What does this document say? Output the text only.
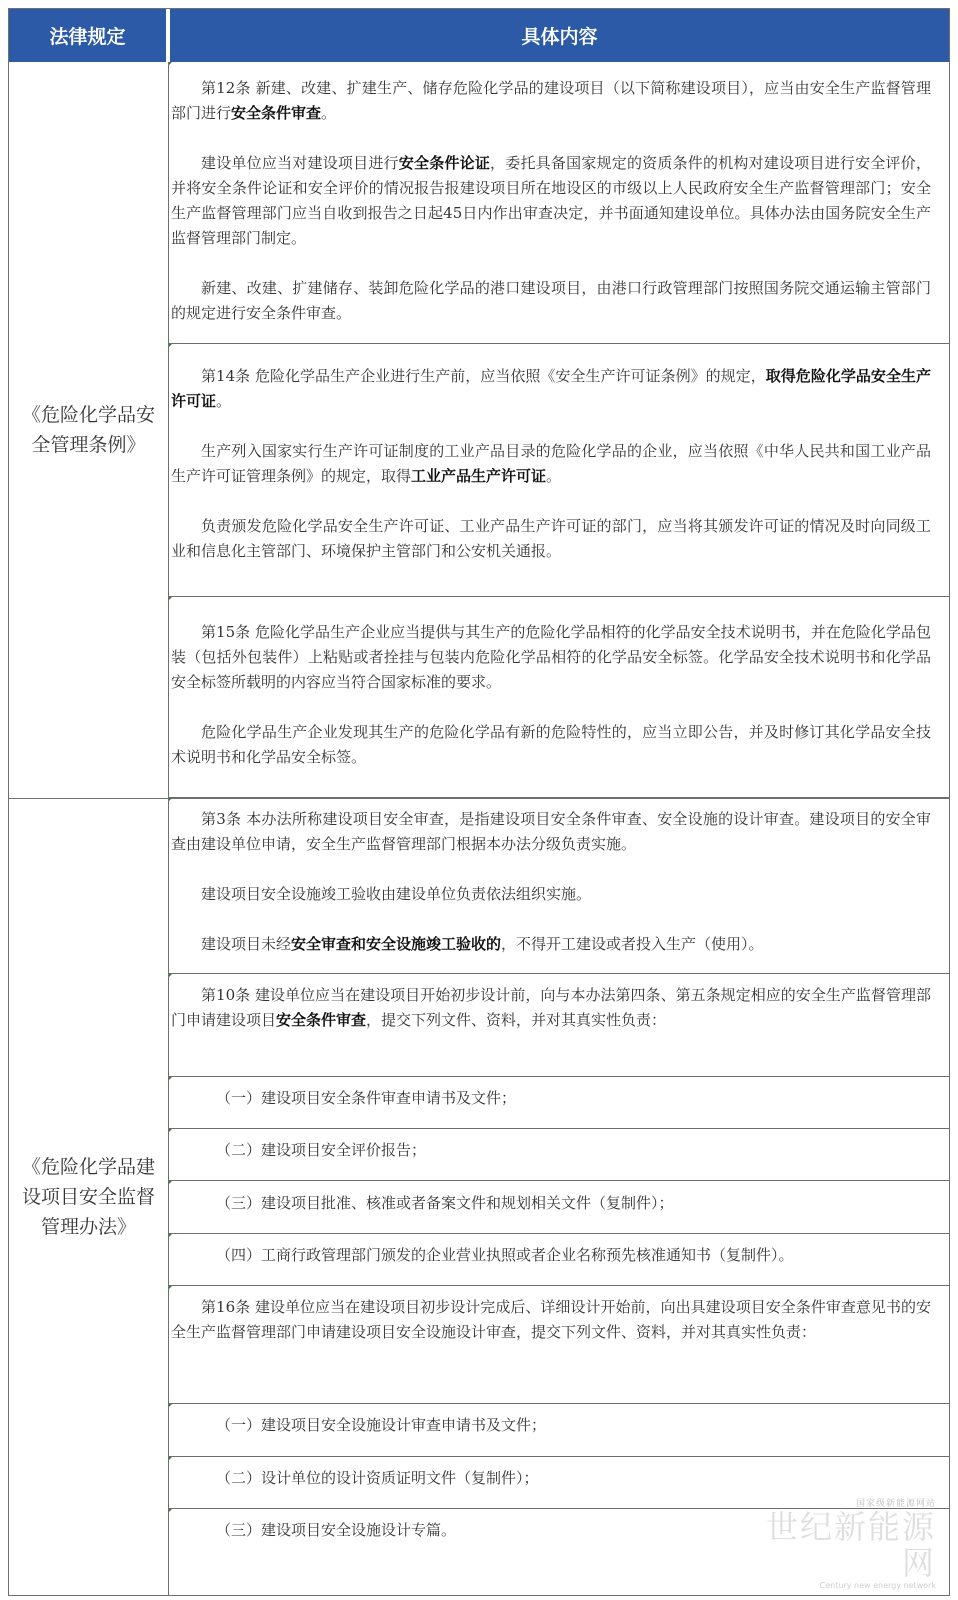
法律规定	具体内容
《危险化学品安全管理条例》
《危险化学品建设项目安全监督管理办法》

第12条 新建、改建、扩建生产、储存危险化学品的建设项目（以下简称建设项目），应当由安全生产监督管理部门进行安全条件审查。

建设单位应当对建设项目进行安全条件论证，委托具备国家规定的资质条件的机构对建设项目进行安全评价，并将安全条件论证和安全评价的情况报告报建设项目所在地设区的市级以上人民政府安全生产监督管理部门；安全生产监督管理部门应当自收到报告之日起45日内作出审查决定，并书面通知建设单位。具体办法由国务院安全生产监督管理部门制定。

新建、改建、扩建储存、装卸危险化学品的港口建设项目，由港口行政管理部门按照国务院交通运输主管部门的规定进行安全条件审查。

第14条 危险化学品生产企业进行生产前，应当依照《安全生产许可证条例》的规定，取得危险化学品安全生产许可证。

生产列入国家实行生产许可证制度的工业产品目录的危险化学品的企业，应当依照《中华人民共和国工业产品生产许可证管理条例》的规定，取得工业产品生产许可证。

负责颁发危险化学品安全生产许可证、工业产品生产许可证的部门，应当将其颁发许可证的情况及时向同级工业和信息化主管部门、环境保护主管部门和公安机关通报。

第15条 危险化学品生产企业应当提供与其生产的危险化学品相符的化学品安全技术说明书，并在危险化学品包装（包括外包装件）上粘贴或者拴挂与包装内危险化学品相符的化学品安全标签。化学品安全技术说明书和化学品安全标签所载明的内容应当符合国家标准的要求。

危险化学品生产企业发现其生产的危险化学品有新的危险特性的，应当立即公告，并及时修订其化学品安全技术说明书和化学品安全标签。

第3条 本办法所称建设项目安全审查，是指建设项目安全条件审查、安全设施的设计审查。建设项目的安全审查由建设单位申请，安全生产监督管理部门根据本办法分级负责实施。

建设项目安全设施竣工验收由建设单位负责依法组织实施。

建设项目未经安全审查和安全设施竣工验收的，不得开工建设或者投入生产（使用）。

第10条 建设单位应当在建设项目开始初步设计前，向与本办法第四条、第五条规定相应的安全生产监督管理部门申请建设项目安全条件审查，提交下列文件、资料，并对其真实性负责：

（一）建设项目安全条件审查申请书及文件；

（二）建设项目安全评价报告；

（三）建设项目批准、核准或者备案文件和规划相关文件（复制件）；

（四）工商行政管理部门颁发的企业营业执照或者企业名称预先核准通知书（复制件）。

第16条 建设单位应当在建设项目初步设计完成后、详细设计开始前，向出具建设项目安全条件审查意见书的安全生产监督管理部门申请建设项目安全设施设计审查，提交下列文件、资料，并对其真实性负责：

（一）建设项目安全设施设计审查申请书及文件；

（二）设计单位的设计资质证明文件（复制件）；

（三）建设项目安全设施设计专篇。

国家级新能源网站
世纪新能源网
Century new energy network
